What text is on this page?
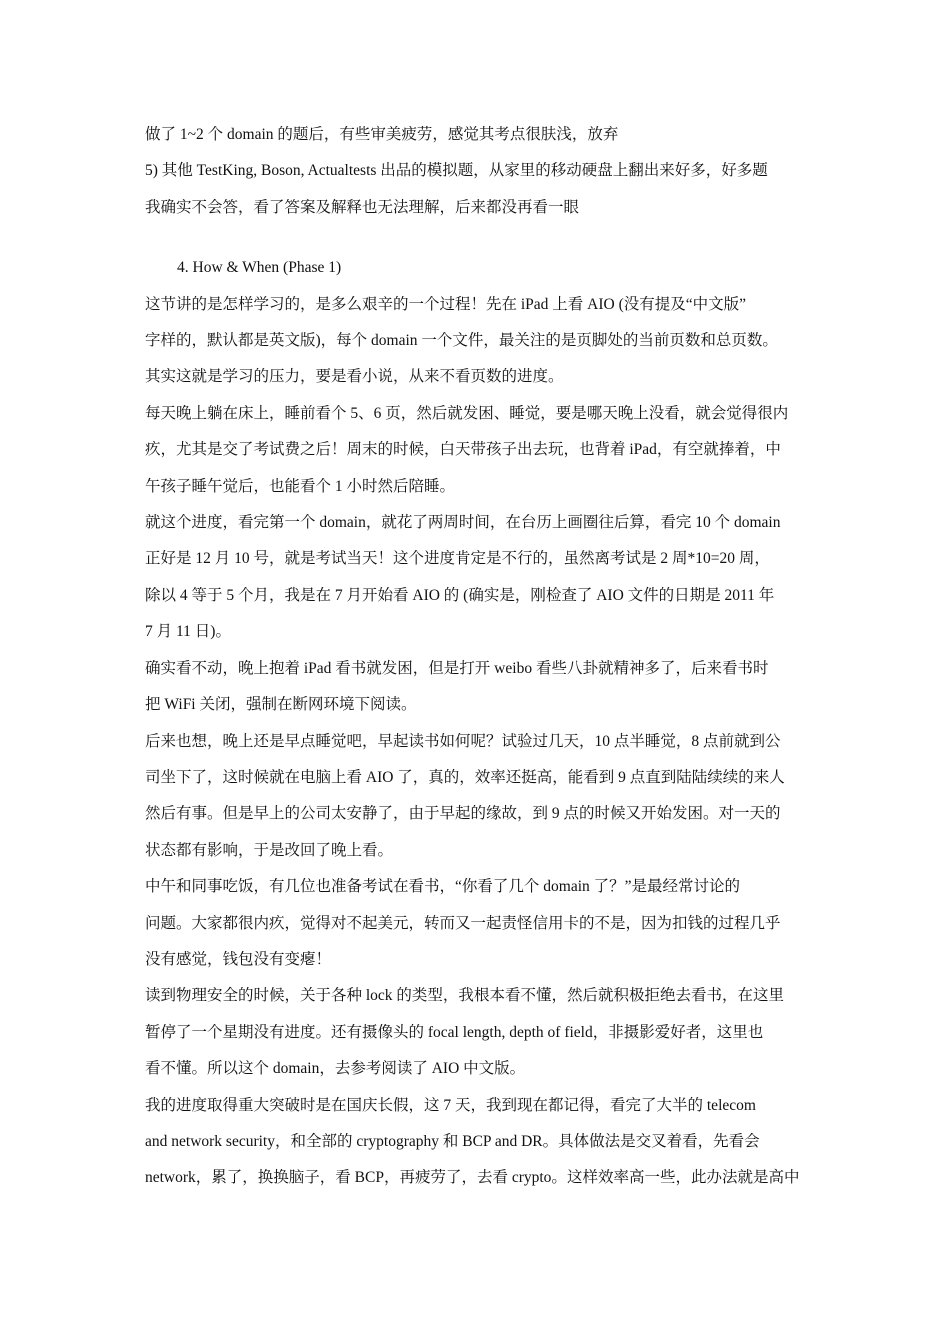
做了 1~2 个 domain 的题后，有些审美疲劳，感觉其考点很肤浅，放弃
5) 其他 TestKing, Boson, Actualtests 出品的模拟题，从家里的移动硬盘上翻出来好多，好多题
我确实不会答，看了答案及解释也无法理解，后来都没再看一眼

4. How & When (Phase 1)

这节讲的是怎样学习的，是多么艰辛的一个过程！先在 iPad 上看 AIO (没有提及“中文版”
字样的，默认都是英文版)，每个 domain 一个文件，最关注的是页脚处的当前页数和总页数。
其实这就是学习的压力，要是看小说，从来不看页数的进度。

每天晚上躺在床上，睡前看个 5、6 页，然后就发困、睡觉，要是哪天晚上没看，就会觉得很内
疚，尤其是交了考试费之后！周末的时候，白天带孩子出去玩，也背着 iPad，有空就捧着，中
午孩子睡午觉后，也能看个 1 小时然后陪睡。

就这个进度，看完第一个 domain，就花了两周时间，在台历上画圈往后算，看完 10 个 domain
正好是 12 月 10 号，就是考试当天！这个进度肯定是不行的，虽然离考试是 2 周*10=20 周，
除以 4 等于 5 个月，我是在 7 月开始看 AIO 的 (确实是，刚检查了 AIO 文件的日期是 2011 年
7 月 11 日)。

确实看不动，晚上抱着 iPad 看书就发困，但是打开 weibo 看些八卦就精神多了，后来看书时
把 WiFi 关闭，强制在断网环境下阅读。

后来也想，晚上还是早点睡觉吧，早起读书如何呢？试验过几天，10 点半睡觉，8 点前就到公
司坐下了，这时候就在电脑上看 AIO 了，真的，效率还挺高，能看到 9 点直到陆陆续续的来人
然后有事。但是早上的公司太安静了，由于早起的缘故，到 9 点的时候又开始发困。对一天的
状态都有影响，于是改回了晚上看。

中午和同事吃饭，有几位也准备考试在看书，“你看了几个 domain 了？”是最经常讨论的
问题。大家都很内疚，觉得对不起美元，转而又一起责怪信用卡的不是，因为扣钱的过程几乎
没有感觉，钱包没有变瘪！

读到物理安全的时候，关于各种 lock 的类型，我根本看不懂，然后就积极拒绝去看书，在这里
暂停了一个星期没有进度。还有摄像头的 focal length, depth of field，非摄影爱好者，这里也
看不懂。所以这个 domain，去参考阅读了 AIO 中文版。

我的进度取得重大突破时是在国庆长假，这 7 天，我到现在都记得，看完了大半的 telecom
and network security，和全部的 cryptography 和 BCP and DR。具体做法是交叉着看，先看会
network，累了，换换脑子，看 BCP，再疲劳了，去看 crypto。这样效率高一些，此办法就是高中
